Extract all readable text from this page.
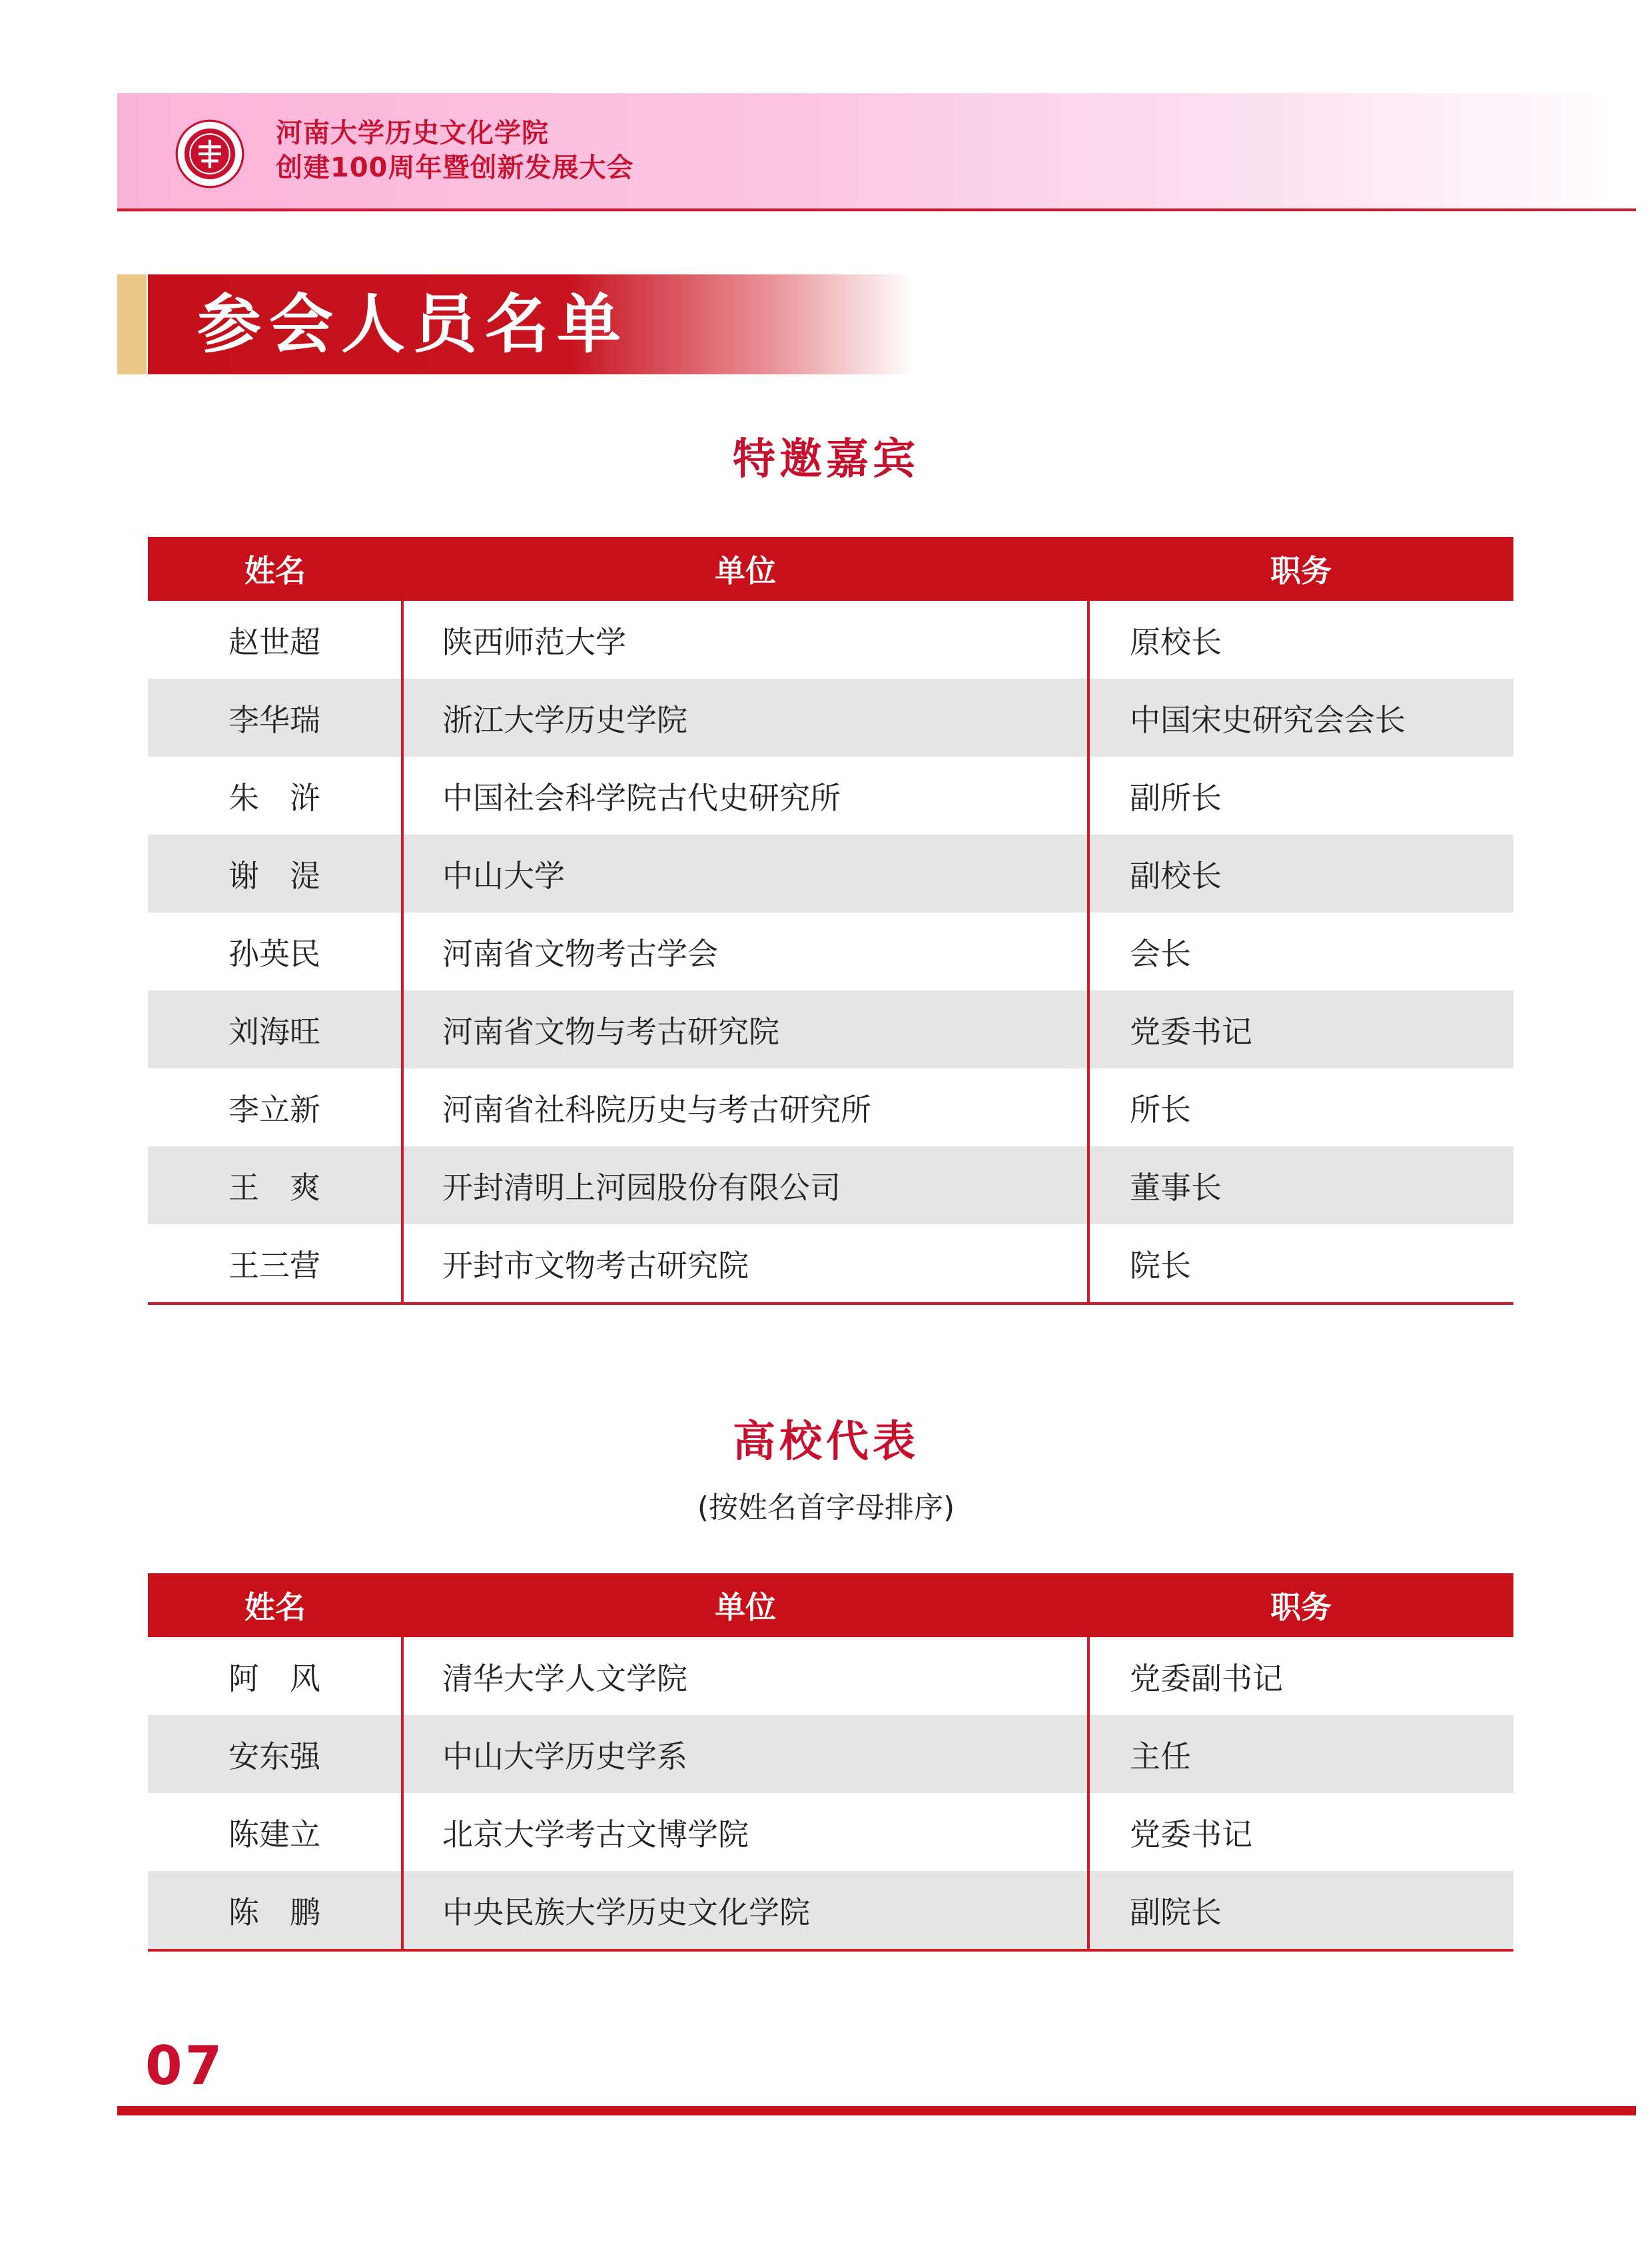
河南大学历史文化学院
创建100周年暨创新发展大会
参会人员名单
特邀嘉宾
姓名	单位	职务
赵世超	陕西师范大学	原校长
李华瑞	浙江大学历史学院	中国宋史研究会会长
朱　浒	中国社会科学院古代史研究所	副所长
谢　湜	中山大学	副校长
孙英民	河南省文物考古学会	会长
刘海旺	河南省文物与考古研究院	党委书记
李立新	河南省社科院历史与考古研究所	所长
王　爽	开封清明上河园股份有限公司	董事长
王三营	开封市文物考古研究院	院长
高校代表
(按姓名首字母排序)
姓名	单位	职务
阿　风	清华大学人文学院	党委副书记
安东强	中山大学历史学系	主任
陈建立	北京大学考古文博学院	党委书记
陈　鹏	中央民族大学历史文化学院	副院长
07
